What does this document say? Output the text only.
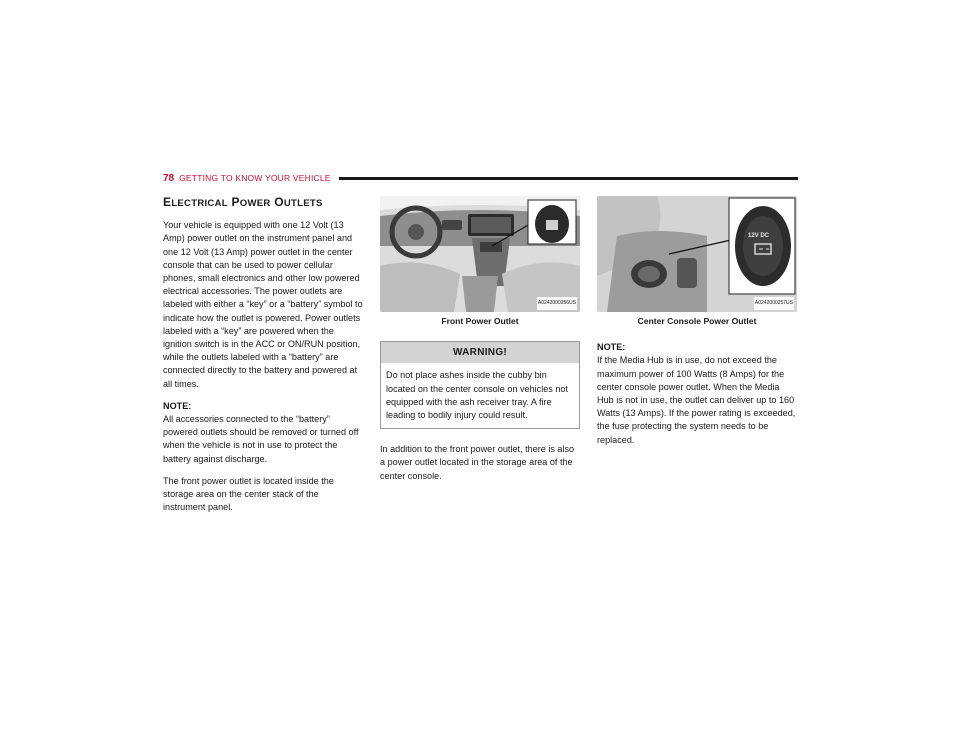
78 GETTING TO KNOW YOUR VEHICLE
ELECTRICAL POWER OUTLETS

Your vehicle is equipped with one 12 Volt (13 Amp) power outlet on the instrument panel and one 12 Volt (13 Amp) power outlet in the center console that can be used to power cellular phones, small electronics and other low powered electrical accessories. The power outlets are labeled with either a “key” or a “battery” symbol to indicate how the outlet is powered. Power outlets labeled with a “key” are powered when the ignition switch is in the ACC or ON/RUN position, while the outlets labeled with a “battery” are connected directly to the battery and powered at all times.

NOTE:
All accessories connected to the “battery” powered outlets should be removed or turned off when the vehicle is not in use to protect the battery against discharge.

The front power outlet is located inside the storage area on the center stack of the instrument panel.

A0242000256US
Front Power Outlet
WARNING!
Do not place ashes inside the cubby bin located on the center console on vehicles not equipped with the ash receiver tray. A fire leading to bodily injury could result.

In addition to the front power outlet, there is also a power outlet located in the storage area of the center console.

12V DC
A0242000257US
Center Console Power Outlet

NOTE:
If the Media Hub is in use, do not exceed the maximum power of 100 Watts (8 Amps) for the center console power outlet. When the Media Hub is not in use, the outlet can deliver up to 160 Watts (13 Amps). If the power rating is exceeded, the fuse protecting the system needs to be replaced.
